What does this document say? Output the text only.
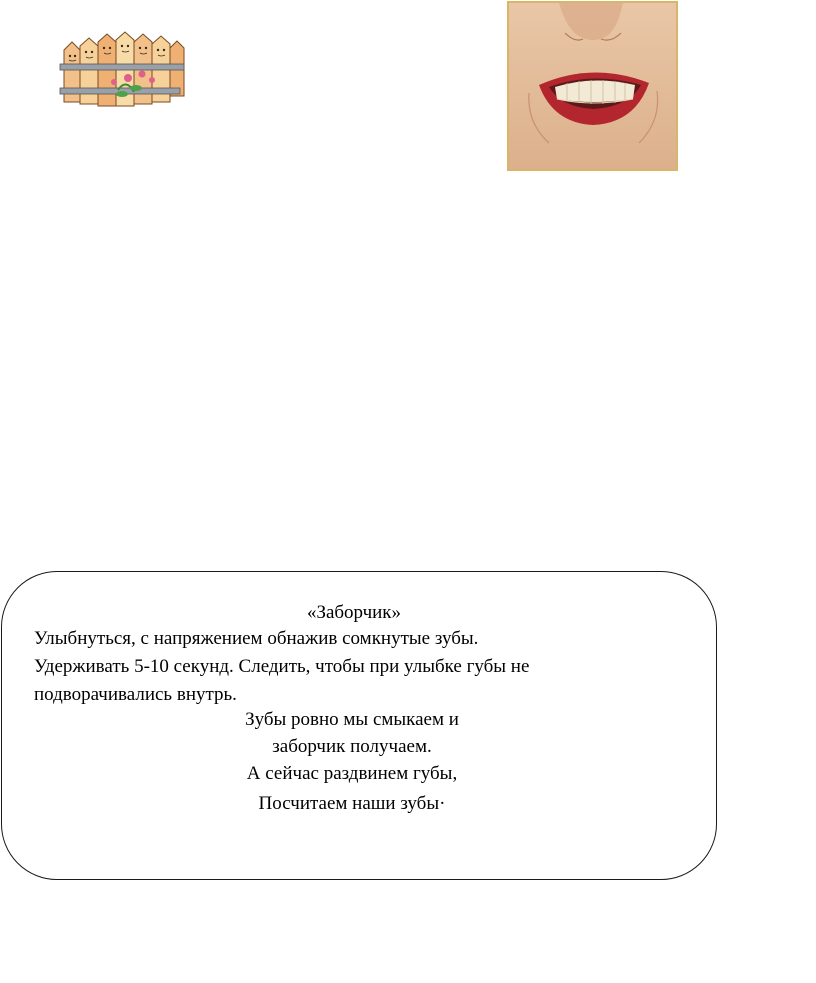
«Заборчик»
Улыбнуться, с напряжением обнажив сомкнутые зубы.
Удерживать 5-10 секунд. Следить, чтобы при улыбке губы не
подворачивались внутрь.
Зубы ровно мы смыкаем и
заборчик получаем.
А сейчас раздвинем губы,
Посчитаем наши зубы·
